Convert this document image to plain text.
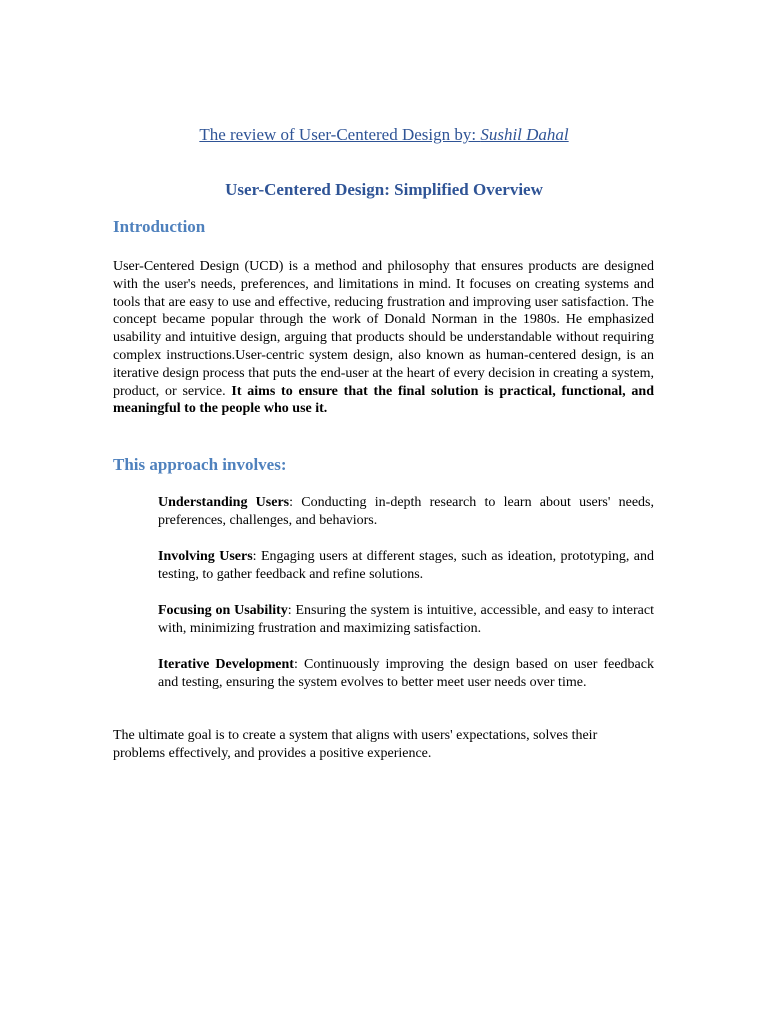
The review of User-Centered Design by: Sushil Dahal
User-Centered Design: Simplified Overview
Introduction
User-Centered Design (UCD) is a method and philosophy that ensures products are designed with the user's needs, preferences, and limitations in mind. It focuses on creating systems and tools that are easy to use and effective, reducing frustration and improving user satisfaction. The concept became popular through the work of Donald Norman in the 1980s. He emphasized usability and intuitive design, arguing that products should be understandable without requiring complex instructions.User-centric system design, also known as human-centered design, is an iterative design process that puts the end-user at the heart of every decision in creating a system, product, or service. It aims to ensure that the final solution is practical, functional, and meaningful to the people who use it.
This approach involves:
Understanding Users: Conducting in-depth research to learn about users' needs, preferences, challenges, and behaviors.
Involving Users: Engaging users at different stages, such as ideation, prototyping, and testing, to gather feedback and refine solutions.
Focusing on Usability: Ensuring the system is intuitive, accessible, and easy to interact with, minimizing frustration and maximizing satisfaction.
Iterative Development: Continuously improving the design based on user feedback and testing, ensuring the system evolves to better meet user needs over time.
The ultimate goal is to create a system that aligns with users' expectations, solves their problems effectively, and provides a positive experience.
